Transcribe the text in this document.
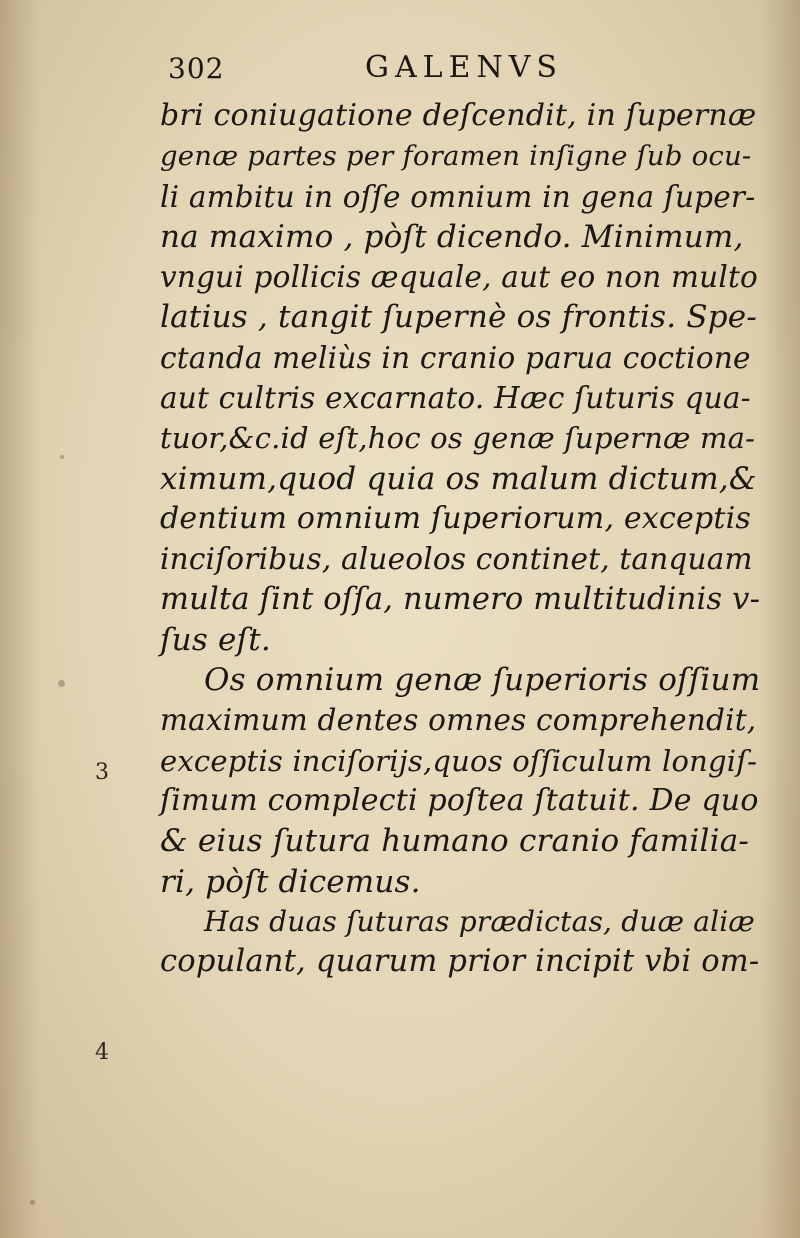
302	GALENVS
3
4
bri coniugatione deſcendit, in ſupernæ
genæ partes per foramen inſigne ſub ocu-
li ambitu in oſſe omnium in gena ſuper-
na maximo , pòſt dicendo. Minimum,
vngui pollicis æquale, aut eo non multo
latius , tangit ſupernè os frontis. Spe-
ctanda meliùs in cranio parua coctione
aut cultris excarnato. Hæc ſuturis qua-
tuor,&c.id eſt,hoc os genæ ſupernæ ma-
ximum,quod quia os malum dictum,&
dentium omnium ſuperiorum, exceptis
inciſoribus, alueolos continet, tanquam
multa ſint oſſa, numero multitudinis v-
ſus eſt.
Os omnium genæ ſuperioris oſſium
maximum dentes omnes comprehendit,
exceptis inciſorijs,quos oſſiculum longiſ-
ſimum complecti poſtea ſtatuit. De quo
& eius ſutura humano cranio familia-
ri, pòſt dicemus.
Has duas ſuturas prædictas, duæ aliæ
copulant, quarum prior incipit vbi om-
